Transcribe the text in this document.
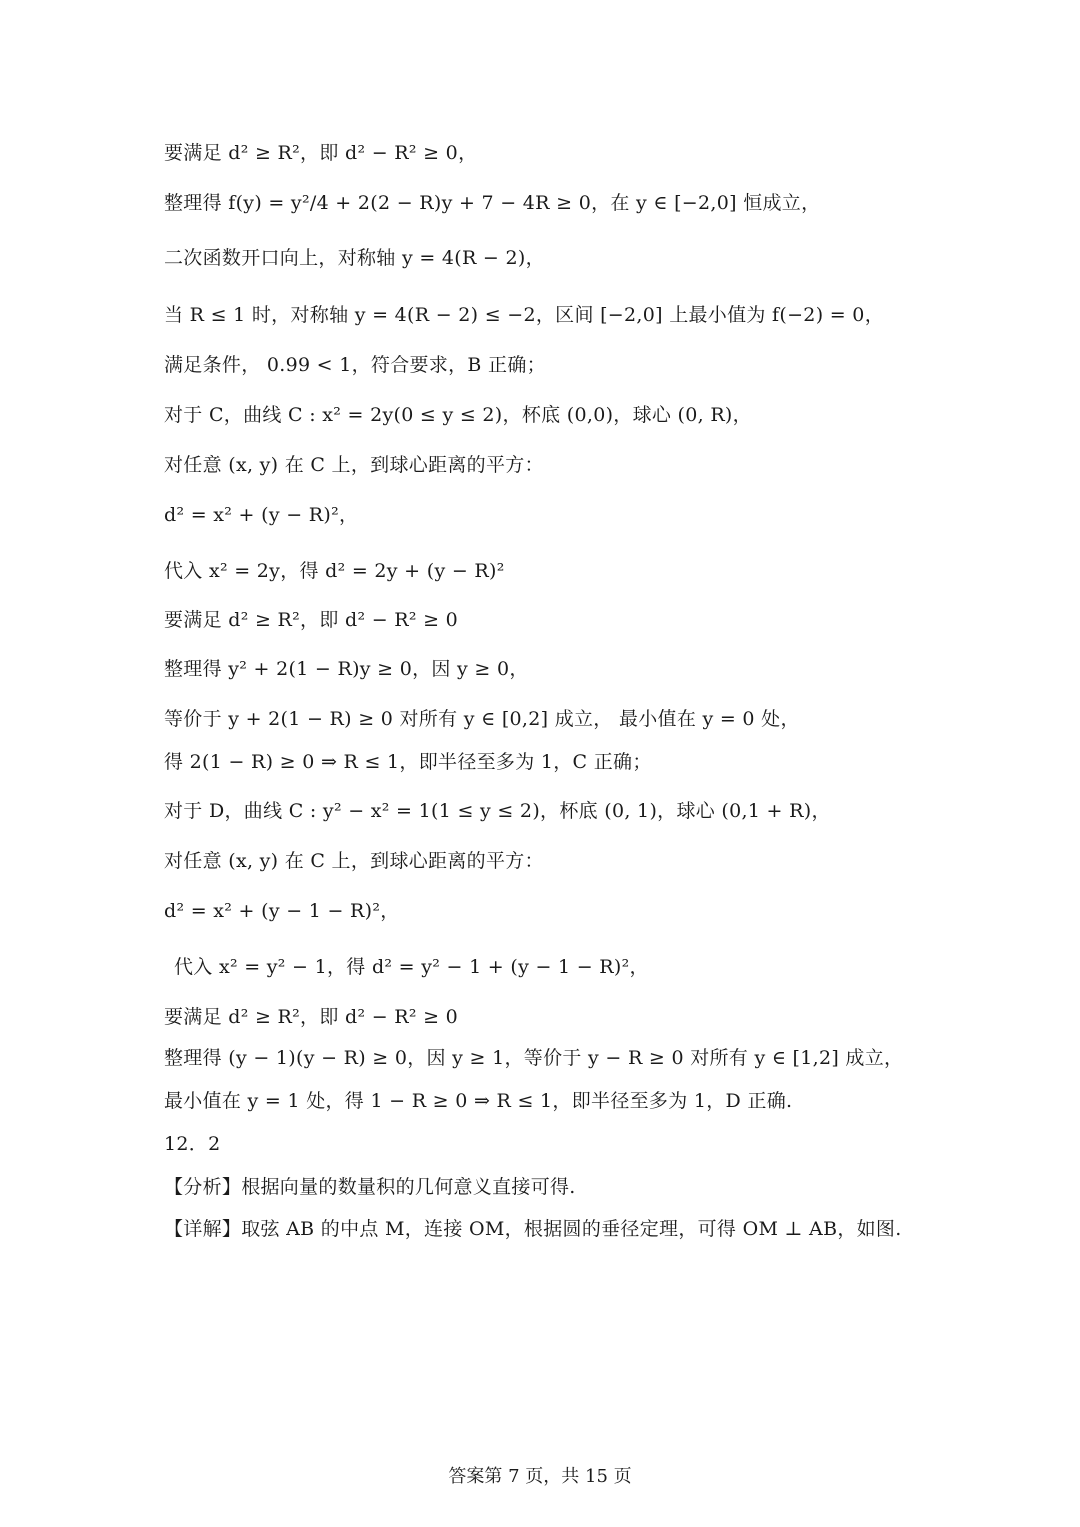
要满足 d² ≥ R²，即 d² − R² ≥ 0，
整理得 f(y) = y²/4 + 2(2 − R)y + 7 − 4R ≥ 0，在 y ∈ [−2,0] 恒成立，
二次函数开口向上，对称轴 y = 4(R − 2)，
当 R ≤ 1 时，对称轴 y = 4(R − 2) ≤ −2，区间 [−2,0] 上最小值为 f(−2) = 0，
满足条件， 0.99 < 1，符合要求，B 正确；
对于 C，曲线 C : x² = 2y(0 ≤ y ≤ 2)，杯底 (0,0)，球心 (0, R)，
对任意 (x, y) 在 C 上，到球心距离的平方：
d² = x² + (y − R)²，
代入 x² = 2y，得 d² = 2y + (y − R)²
要满足 d² ≥ R²，即 d² − R² ≥ 0
整理得 y² + 2(1 − R)y ≥ 0，因 y ≥ 0，
等价于 y + 2(1 − R) ≥ 0 对所有 y ∈ [0,2] 成立， 最小值在 y = 0 处，
得 2(1 − R) ≥ 0 ⇒ R ≤ 1，即半径至多为 1，C 正确；
对于 D，曲线 C : y² − x² = 1(1 ≤ y ≤ 2)，杯底 (0, 1)，球心 (0,1 + R)，
对任意 (x, y) 在 C 上，到球心距离的平方：
d² = x² + (y − 1 − R)²，
代入 x² = y² − 1，得 d² = y² − 1 + (y − 1 − R)²，
要满足 d² ≥ R²，即 d² − R² ≥ 0
整理得 (y − 1)(y − R) ≥ 0，因 y ≥ 1，等价于 y − R ≥ 0 对所有 y ∈ [1,2] 成立，
最小值在 y = 1 处，得 1 − R ≥ 0 ⇒ R ≤ 1，即半径至多为 1，D 正确.
12．2
【分析】根据向量的数量积的几何意义直接可得.
【详解】取弦 AB 的中点 M，连接 OM，根据圆的垂径定理，可得 OM ⊥ AB，如图.
答案第 7 页，共 15 页
